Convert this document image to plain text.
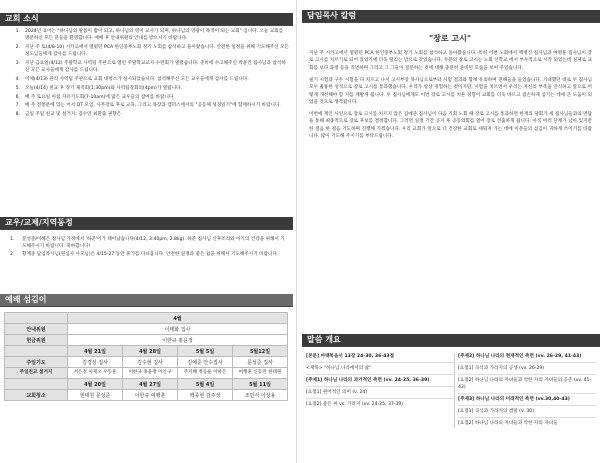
교회 소식
1.	2024년 표어는 "하나님의 말씀이 밥이 되고, 하나님의 영이 교사가 되며, 하나님의 영광이 목적이 되는 교회" 입니다. 오늘 교회를 방문하신 모든 분들을 환영합니다. 예배 후 안내위원의 안내를 받으시기 바랍니다.
2.	지난 주 토(4/8-10) 시카고에서 열렸던 PCA 한인중부노회 정기 노회를 참석하고 돌아왔습니다. 안전한 일정을 위해 기도해주신 모든 성도님들에게 감사를 드립니다.
3.	지난 금요일(4/12) 주말학교 사역팀 주관으로 열린 주말학교교사 수련회가 열렸습니다. 준비에 수고해주신 박윤진 집사님과 참석하신 모든 교사들에게 감사를 드립니다.
4.	어제(4/13) 관리 사역팀 주관으로 교회 대청소가 실시되었습니다. 참석해주신 모든 교우들에게 감사를 드립니다.
5.	오늘(4/14) 친교 후 정기 제직회(1:30pm)와 사역팀장회의(4pm)가 열립니다.
6.	매 주 토요일 아침 자유기도회(7-10am)에 많은 교우들의 참여를 바랍니다.
7.	매 주 전통문에 있는 어서 QT 모임, 사무장로 후로 교육, 그리고 목장과 캠퍼스에서의 "공동체 성경읽기"에 함께하시기 바랍니다.
8.	금일 주일 친교 및 설거지: 김수연 최환출 권향은
교우/교제/지역동정
1.	문성준/이혜은 집사님 가정에서 '하준'이가 태어났습니다(4/12, 3:40pm, 2.8kg). 하준 집사님 산후조리와 아기의 건강을 위해서 기도해주시기 바랍니다. 축하합니다!
2.	황재준 담임목사님(원심사 사모님)은 4/15-27 동안 휴가를 다녀옵니다. 안전한 일정과 좋은 쉼을 위해서 기도해주시기 바랍니다.
예배 섬김이
	4월			
안내위원	이태화 집사			
헌금위원	이한규 홍윤정			
	4월 21일	4월 28일	5월 5일	5월12일
주일기도	김경선 집사	김수현 집사	김예준 안수집사	문성준 집사
주일친교 설거지	서은정 이제오 우동훈	이한규 홍윤정 이안구	주지혜 정동운 이하은	여행훈 신동민 한태원
	4월 20일	4월 27일	5월 4일	5월 11일
교회청소	현태원 문성준	이한규 여행훈	백종현 김주성	조민식 이상용
담임목사 칼럼
"장로 고시"

지난 주 시카고에서 열렸던 PCA 한인중부노회 정기 노회를 참석하고 돌아왔습니다. 특히 이번 노회에서 백병진 집사님과 여병훈 집사님이 장로 고시를 치르기로 되어 있었기에 더욱 떨리는 맘으로 갔었습니다. 두분의 장로 고시는 노회 신학교 에서 부두적으로 시작 되었는데 실제로 교회를 보다 과정 등을 직면하며 그리고 그 그들이 질문하는 것에 대해 충분히 준비된 모습을 보여 주었습니다.

필기 시험과 구두 시험을 다 치르고 나서 고시부장 목사님으로부터 시험 결과와 함께 유의하며 전해들을 들었습니다. 기대했던 대로 두 집사님 모두 훌륭한 성적으로 장로 고시를 통과했습니다. 우리가 항상 경험하는 것이지만, 시험을 치르면서 우리는 자신의 부족을 인식하고 앞으로 어떻게 개선해야 할 지를 계발게 됩니다. 두 집사님에게도 이번 장로 고시를 치른 경험이 교회를 더욱 바르고 겸손하게 섬기는 데에 큰 도움이 되었을 것으로 생각됩니다.

이번에 계인 사연으로 장로 고시를 치르지 않은 김예준 집사님이 다음 기회 노회 때 장로 고시를 통과하면 한재의 당회가 세 집사님들과의 면담을 통해 최종적으로 장로 후보를 결정합니다. 그러면 일정 기간 공지 후 공동의회를 열어 장로 선출하게 됩니다. 아직 여러 단계가 남아 있지만 한 걸음 한 걸음 기도하며 진행해 가겠습니다. 우리 교회가 앞으로 더 건강한 교회로 세워져 가는 데에 이분들의 섬김이 귀하게 쓰이기를 바랍니다. 많이 기도해 주시기를 부탁드립니다.

말씀 개요
[본문] 마태복음서 13장 24-30, 36-43절
<제목> "하나님 나라에서의 삶"
[주제1] 하나님 나라의 과거적인 측면 (vv. 24-25, 36-39)
[요점1] 원어적인 의미 (v. 24)
[요점2] 좋은 씨 vs. 가라지 (vv. 24-25, 37-39)
[주제2] 하나님 나라의 현재적인 측면 (vv. 26-29, 41-43)
[요점1] 곡식과 가라지의 공생 (vv. 26-29)
[요점2] 하나님 나라의 자녀들과 악한 자의 자녀들의 공존 (vv. 41-43)
[주제3] 하나님 나라의 미래적인 측면 (vv.30,40-43)
[요점1] 곡식과 가라지의 결말 (v. 30)
[요점2] 하나님 나라의 자녀들과 악한 자의 자녀들
